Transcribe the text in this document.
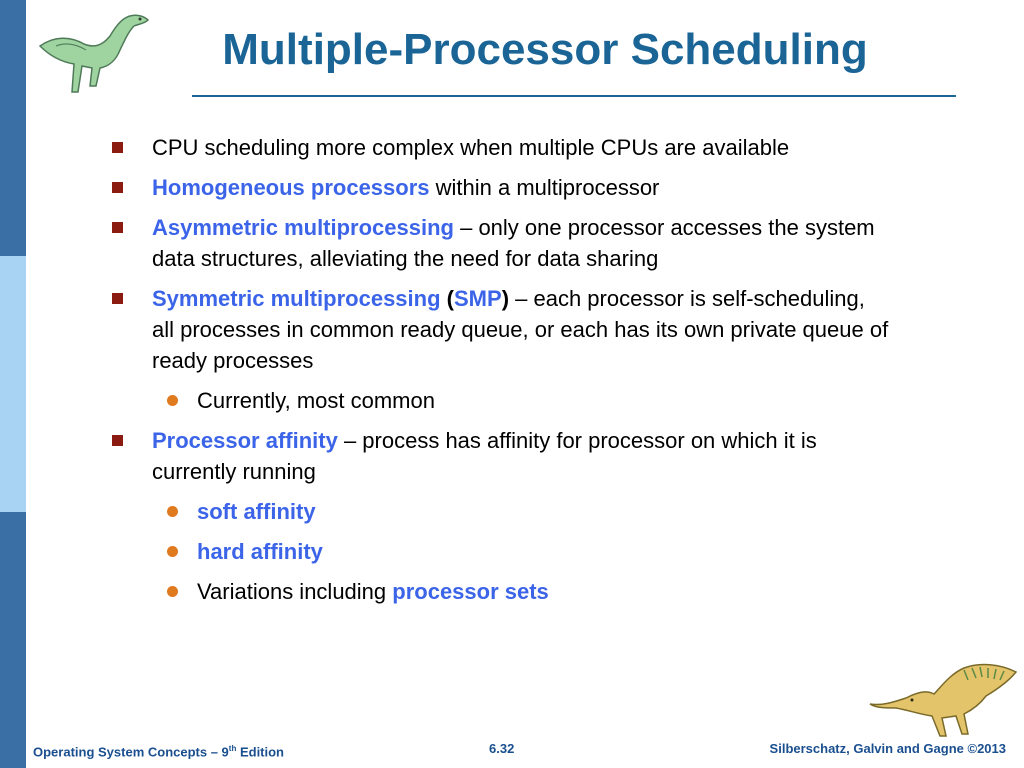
Multiple-Processor Scheduling
CPU scheduling more complex when multiple CPUs are available
Homogeneous processors within a multiprocessor
Asymmetric multiprocessing – only one processor accesses the system data structures, alleviating the need for data sharing
Symmetric multiprocessing (SMP) – each processor is self-scheduling, all processes in common ready queue, or each has its own private queue of ready processes
Currently, most common
Processor affinity – process has affinity for processor on which it is currently running
soft affinity
hard affinity
Variations including processor sets
Operating System Concepts – 9th Edition	6.32	Silberschatz, Galvin and Gagne ©2013
